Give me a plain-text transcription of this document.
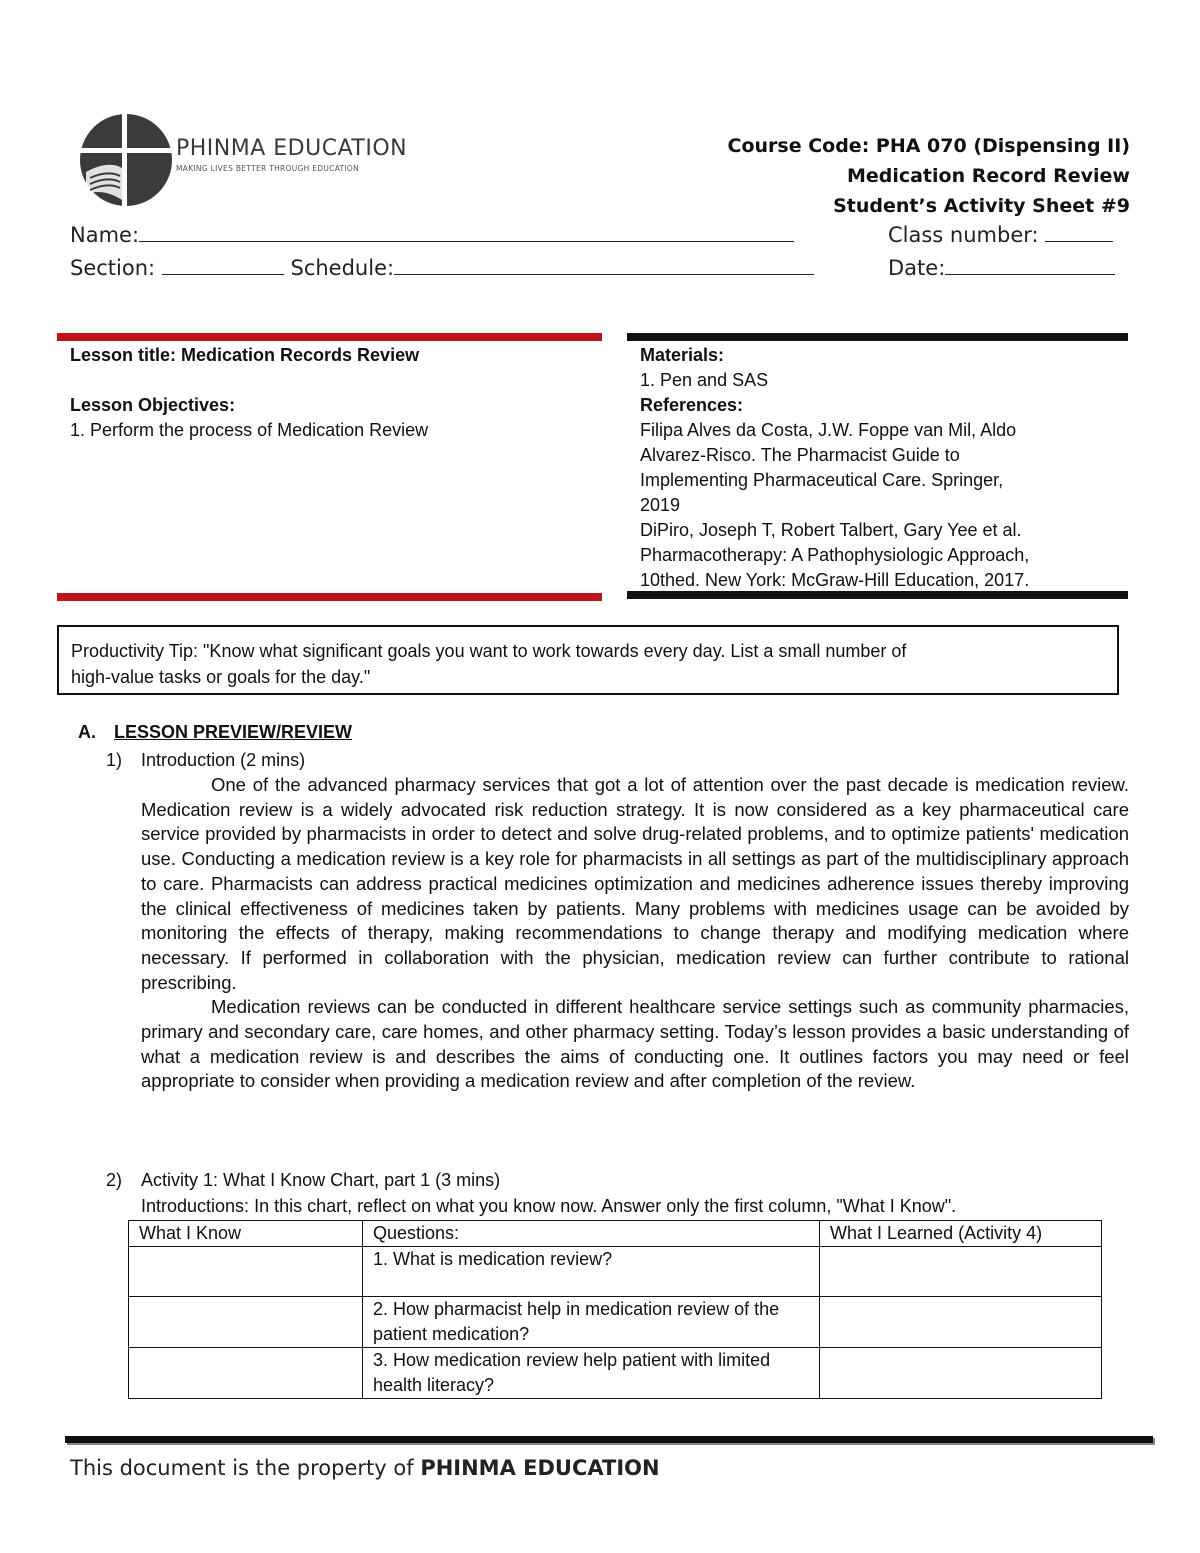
PHINMA EDUCATION
MAKING LIVES BETTER THROUGH EDUCATION
Course Code: PHA 070 (Dispensing II)
Medication Record Review
Student’s Activity Sheet #9
Name:	Class number:
Section:	Schedule:	Date:
Lesson title: Medication Records Review

Lesson Objectives:
1. Perform the process of Medication Review
Materials:
1. Pen and SAS
References:
Filipa Alves da Costa, J.W. Foppe van Mil, Aldo
Alvarez-Risco. The Pharmacist Guide to
Implementing Pharmaceutical Care. Springer,
2019
DiPiro, Joseph T, Robert Talbert, Gary Yee et al.
Pharmacotherapy: A Pathophysiologic Approach,
10thed. New York: McGraw-Hill Education, 2017.
Productivity Tip: "Know what significant goals you want to work towards every day. List a small number of
high-value tasks or goals for the day."
A. LESSON PREVIEW/REVIEW
1) Introduction (2 mins)

One of the advanced pharmacy services that got a lot of attention over the past decade is medication review. Medication review is a widely advocated risk reduction strategy. It is now considered as a key pharmaceutical care service provided by pharmacists in order to detect and solve drug-related problems, and to optimize patients' medication use. Conducting a medication review is a key role for pharmacists in all settings as part of the multidisciplinary approach to care. Pharmacists can address practical medicines optimization and medicines adherence issues thereby improving the clinical effectiveness of medicines taken by patients. Many problems with medicines usage can be avoided by monitoring the effects of therapy, making recommendations to change therapy and modifying medication where necessary. If performed in collaboration with the physician, medication review can further contribute to rational prescribing.

Medication reviews can be conducted in different healthcare service settings such as community pharmacies, primary and secondary care, care homes, and other pharmacy setting. Today’s lesson provides a basic understanding of what a medication review is and describes the aims of conducting one. It outlines factors you may need or feel appropriate to consider when providing a medication review and after completion of the review.

2) Activity 1: What I Know Chart, part 1 (3 mins)
Introductions: In this chart, reflect on what you know now. Answer only the first column, "What I Know".
What I Know	Questions:	What I Learned (Activity 4)
	1. What is medication review?	
	2. How pharmacist help in medication review of the patient medication?	
	3. How medication review help patient with limited health literacy?	
This document is the property of PHINMA EDUCATION
